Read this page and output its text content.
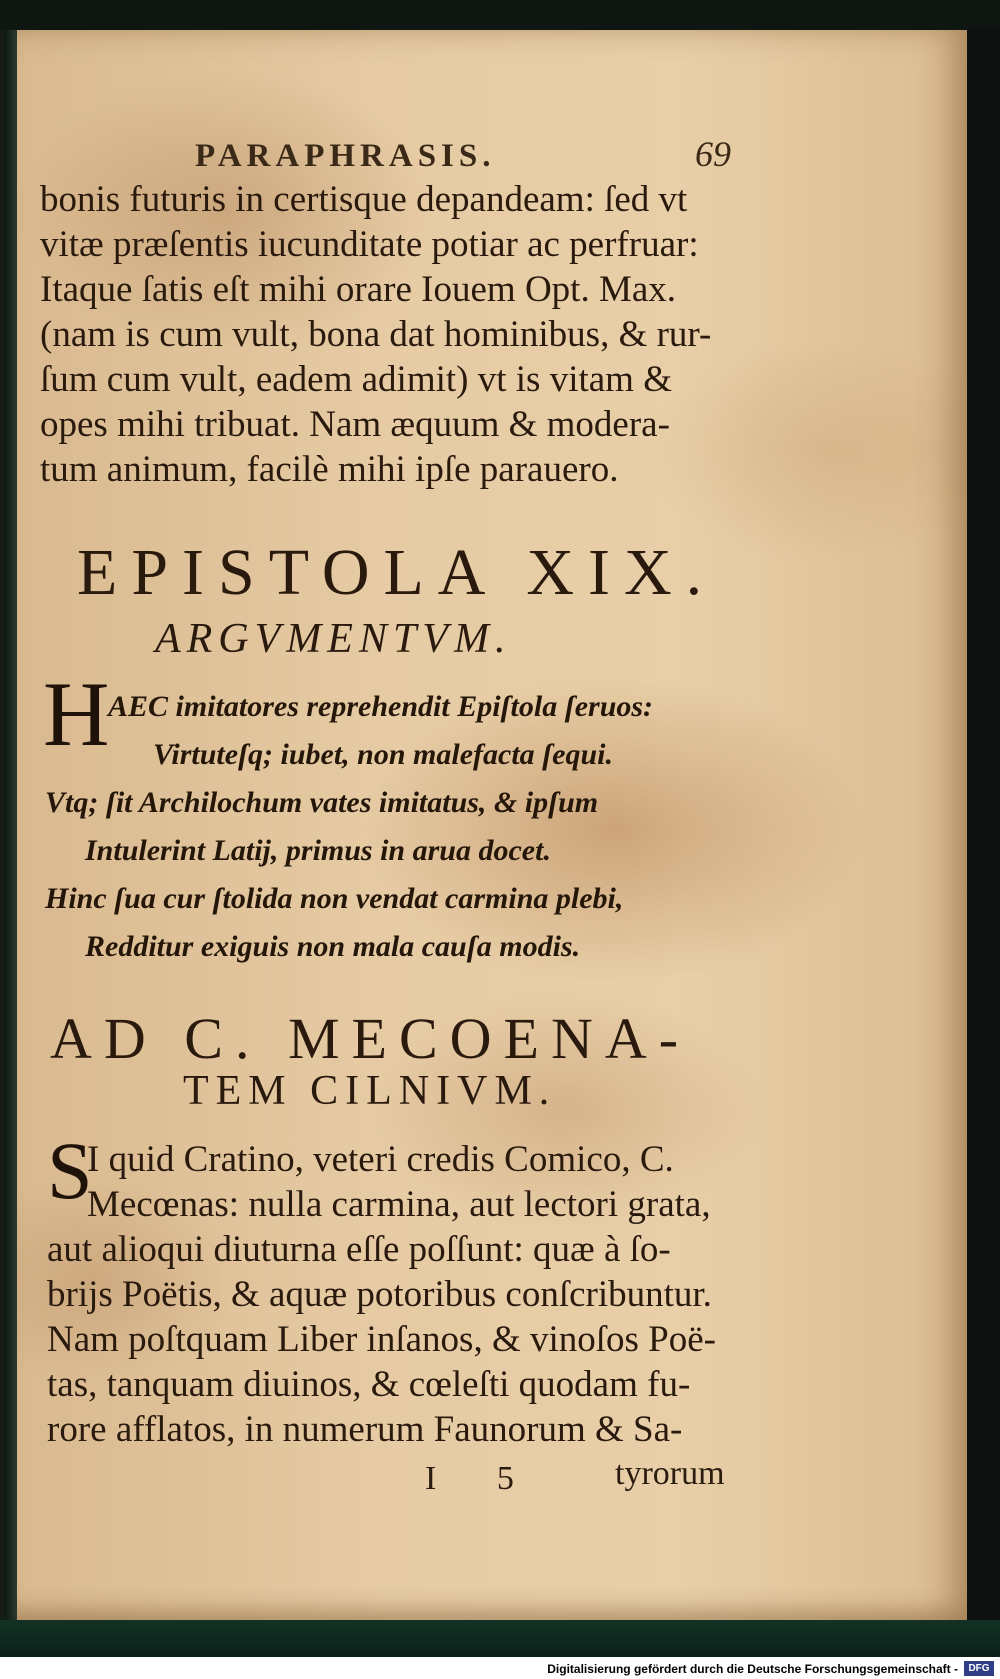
PARAPHRASIS.	69
bonis futuris in certisque depandeam: ſed vt
vitæ præſentis iucunditate potiar ac perfruar:
Itaque ſatis eſt mihi orare Iouem Opt. Max.
(nam is cum vult, bona dat hominibus, & rur-
ſum cum vult, eadem adimit) vt is vitam &
opes mihi tribuat. Nam æquum & modera-
tum animum, facilè mihi ipſe parauero.
EPISTOLA XIX.
ARGVMENTVM.
H
AEC imitatores reprehendit Epiſtola ſeruos:
Virtuteſq; iubet, non malefacta ſequi.
Vtq; ſit Archilochum vates imitatus, & ipſum
Intulerint Latij, primus in arua docet.
Hinc ſua cur ſtolida non vendat carmina plebi,
Redditur exiguis non mala cauſa modis.
AD C. MECOENA-
TEM CILNIVM.
S
I quid Cratino, veteri credis Comico, C.
Mecœnas: nulla carmina, aut lectori grata,
aut alioqui diuturna eſſe poſſunt: quæ à ſo-
brijs Poëtis, & aquæ potoribus conſcribuntur.
Nam poſtquam Liber inſanos, & vinoſos Poë-
tas, tanquam diuinos, & cœleſti quodam fu-
rore afflatos, in numerum Faunorum & Sa-
I 5 tyrorum
Digitalisierung gefördert durch die Deutsche Forschungsgemeinschaft -	DFG
